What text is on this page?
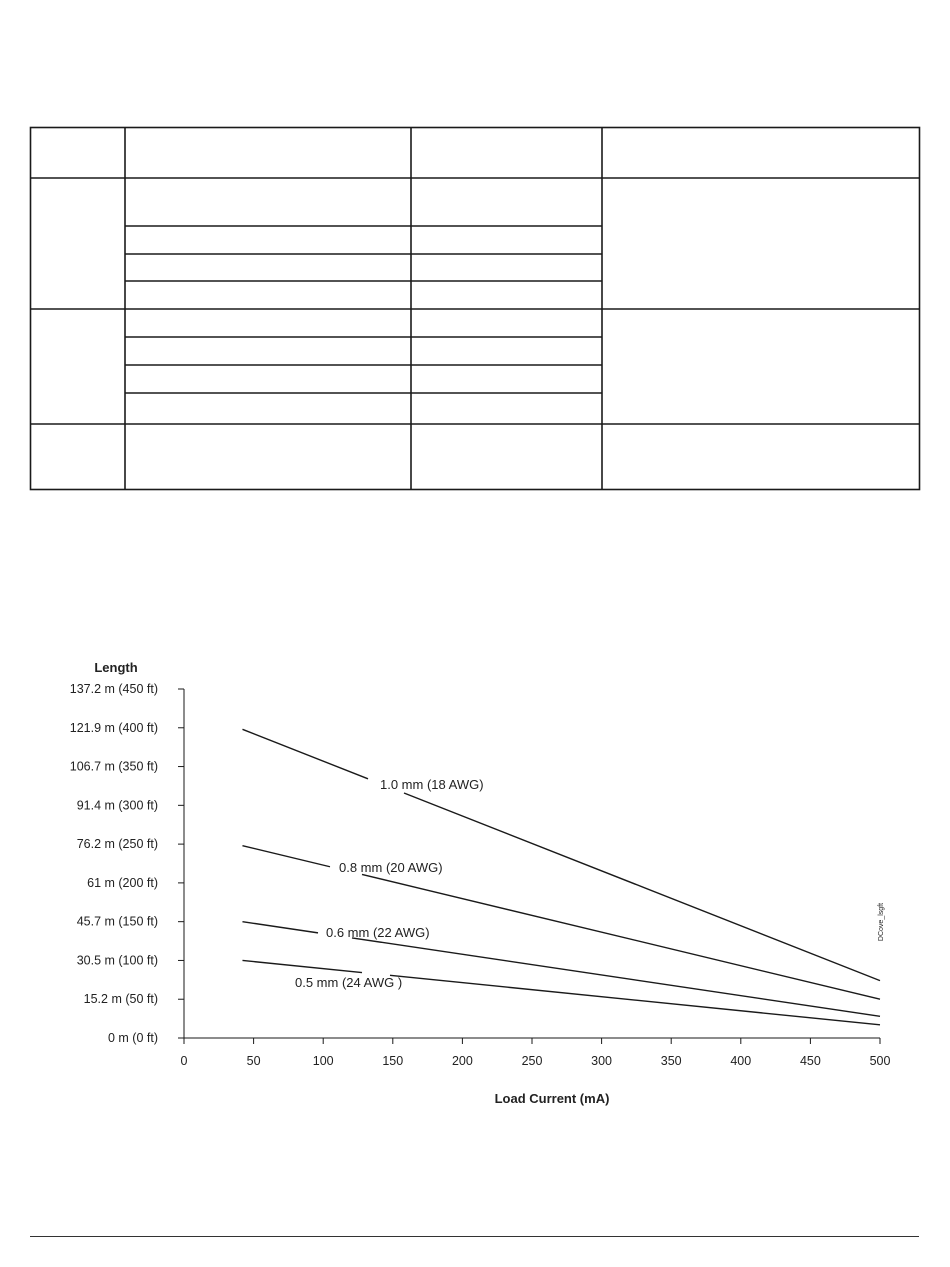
Length
Load Current (mA)
DCove_lsgft
0 m (0 ft)
15.2 m (50 ft)
30.5 m (100 ft)
45.7 m (150 ft)
61 m (200 ft)
76.2 m (250 ft)
91.4 m (300 ft)
106.7 m (350 ft)
121.9 m (400 ft)
137.2 m (450 ft)
0	50	100	150	200	250	300	350	400	450	500
1.0 mm (18 AWG)
0.8 mm (20 AWG)
0.6 mm (22 AWG)
0.5 mm (24 AWG )
